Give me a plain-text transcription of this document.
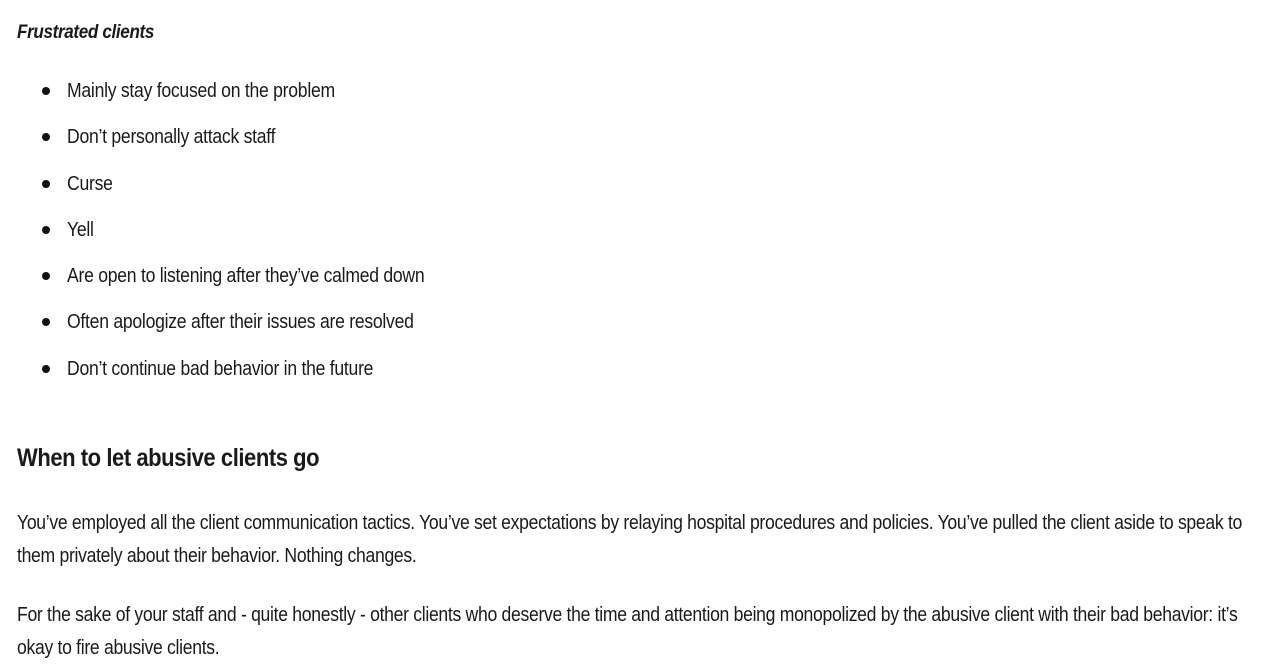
Frustrated clients
Mainly stay focused on the problem
Don’t personally attack staff
Curse
Yell
Are open to listening after they’ve calmed down
Often apologize after their issues are resolved
Don’t continue bad behavior in the future
When to let abusive clients go

You’ve employed all the client communication tactics. You’ve set expectations by relaying hospital procedures and policies. You’ve pulled the client aside to speak to them privately about their behavior. Nothing changes.

For the sake of your staff and - quite honestly - other clients who deserve the time and attention being monopolized by the abusive client with their bad behavior: it’s okay to fire abusive clients.
